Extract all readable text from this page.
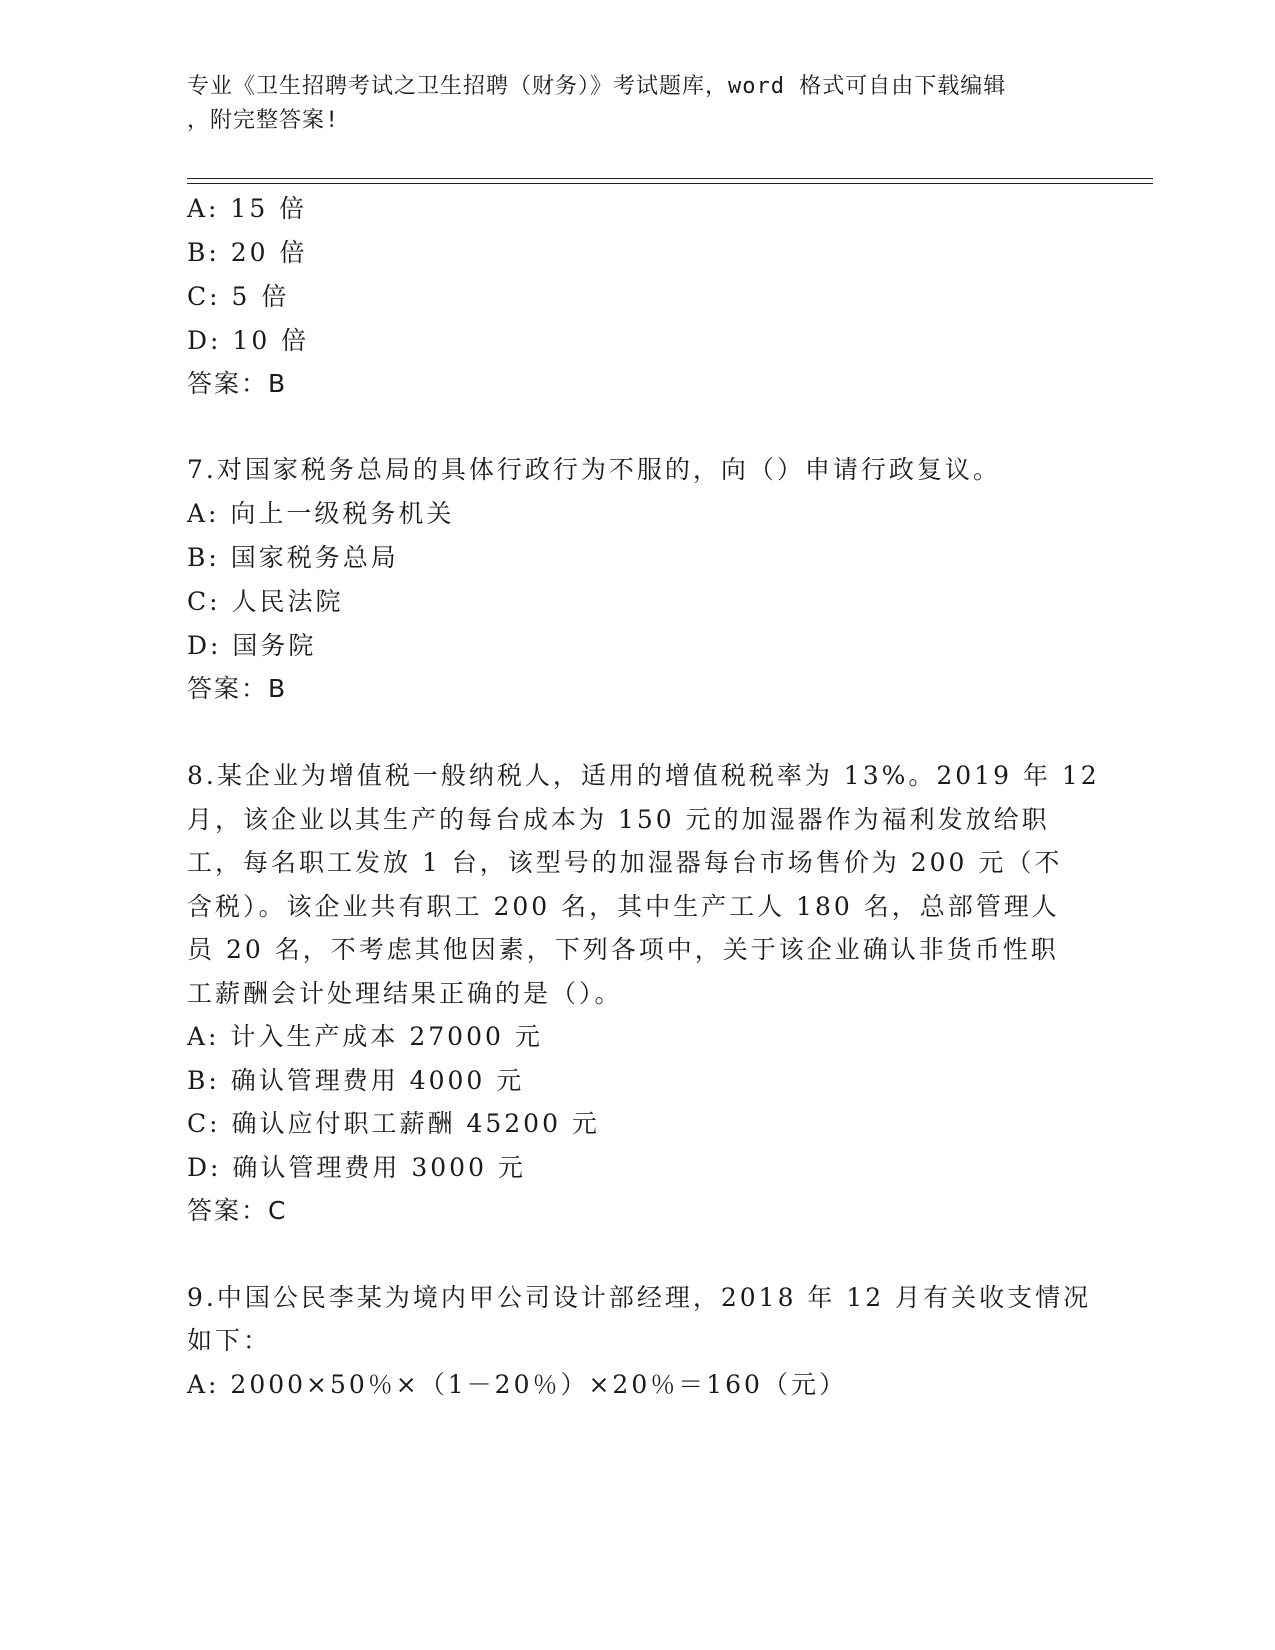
专业《卫生招聘考试之卫生招聘（财务）》考试题库，word 格式可自由下载编辑
，附完整答案!
A: 15 倍
B: 20 倍
C: 5 倍
D: 10 倍
答案：B
7.对国家税务总局的具体行政行为不服的，向（）申请行政复议。
A: 向上一级税务机关
B: 国家税务总局
C: 人民法院
D: 国务院
答案：B
8.某企业为增值税一般纳税人，适用的增值税税率为 13%。2019 年 12
月，该企业以其生产的每台成本为 150 元的加湿器作为福利发放给职
工，每名职工发放 1 台，该型号的加湿器每台市场售价为 200 元（不
含税）。该企业共有职工 200 名，其中生产工人 180 名，总部管理人
员 20 名，不考虑其他因素，下列各项中，关于该企业确认非货币性职
工薪酬会计处理结果正确的是（）。
A: 计入生产成本 27000 元
B: 确认管理费用 4000 元
C: 确认应付职工薪酬 45200 元
D: 确认管理费用 3000 元
答案：C
9.中国公民李某为境内甲公司设计部经理，2018 年 12 月有关收支情况
如下：
A: 2000×50％×（1－20％）×20％＝160（元）
